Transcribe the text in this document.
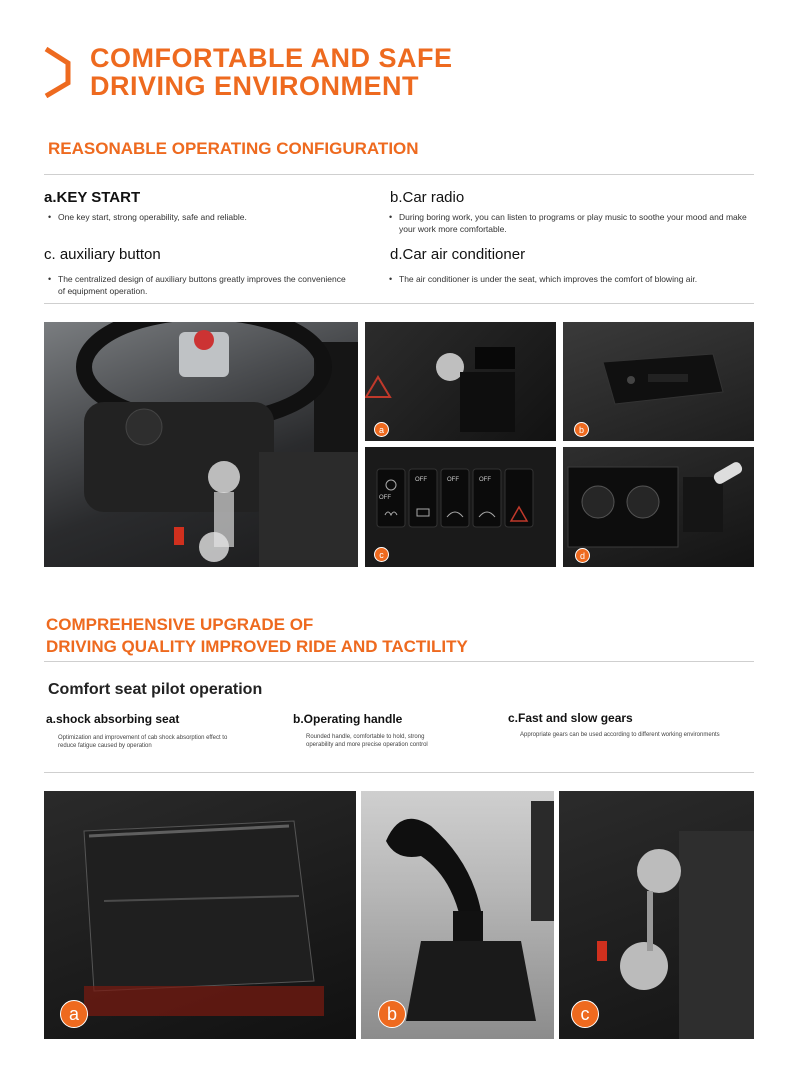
COMFORTABLE AND SAFE
DRIVING ENVIRONMENT
REASONABLE OPERATING CONFIGURATION
a.KEY START
• One key start, strong operability, safe and reliable.
b.Car radio
• During boring work, you can listen to programs or play music to soothe your mood and make your work more comfortable.
c. auxiliary button
• The centralized design of auxiliary buttons greatly improves the convenience of equipment operation.
d.Car air conditioner
• The air conditioner is under the seat, which improves the comfort of blowing air.
a	b
OFF
OFF	OFF	OFF
c	d
COMPREHENSIVE UPGRADE OF
DRIVING QUALITY IMPROVED RIDE AND TACTILITY
Comfort seat pilot operation
a.shock absorbing seat
Optimization and improvement of cab shock absorption effect to reduce fatigue caused by operation
b.Operating handle
Rounded handle, comfortable to hold, strong operability and more precise operation control
c.Fast and slow gears
Appropriate gears can be used according to different working environments
a	b	c
